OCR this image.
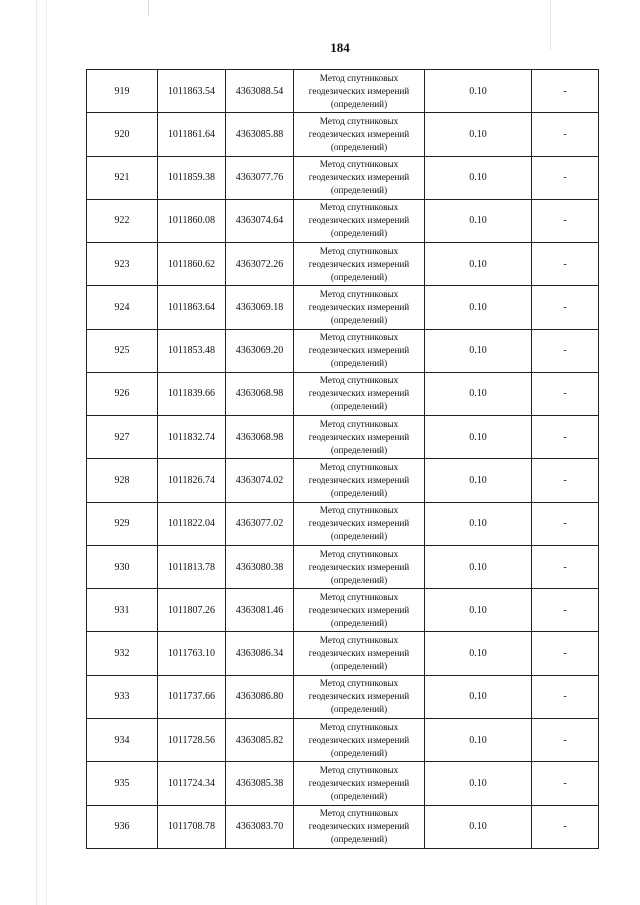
184
919	1011863.54	4363088.54	Метод спутниковых
геодезических измерений
(определений)	0.10	-
920	1011861.64	4363085.88	Метод спутниковых
геодезических измерений
(определений)	0.10	-
921	1011859.38	4363077.76	Метод спутниковых
геодезических измерений
(определений)	0.10	-
922	1011860.08	4363074.64	Метод спутниковых
геодезических измерений
(определений)	0.10	-
923	1011860.62	4363072.26	Метод спутниковых
геодезических измерений
(определений)	0.10	-
924	1011863.64	4363069.18	Метод спутниковых
геодезических измерений
(определений)	0.10	-
925	1011853.48	4363069.20	Метод спутниковых
геодезических измерений
(определений)	0.10	-
926	1011839.66	4363068.98	Метод спутниковых
геодезических измерений
(определений)	0.10	-
927	1011832.74	4363068.98	Метод спутниковых
геодезических измерений
(определений)	0.10	-
928	1011826.74	4363074.02	Метод спутниковых
геодезических измерений
(определений)	0.10	-
929	1011822.04	4363077.02	Метод спутниковых
геодезических измерений
(определений)	0.10	-
930	1011813.78	4363080.38	Метод спутниковых
геодезических измерений
(определений)	0.10	-
931	1011807.26	4363081.46	Метод спутниковых
геодезических измерений
(определений)	0.10	-
932	1011763.10	4363086.34	Метод спутниковых
геодезических измерений
(определений)	0.10	-
933	1011737.66	4363086.80	Метод спутниковых
геодезических измерений
(определений)	0.10	-
934	1011728.56	4363085.82	Метод спутниковых
геодезических измерений
(определений)	0.10	-
935	1011724.34	4363085.38	Метод спутниковых
геодезических измерений
(определений)	0.10	-
936	1011708.78	4363083.70	Метод спутниковых
геодезических измерений
(определений)	0.10	-
